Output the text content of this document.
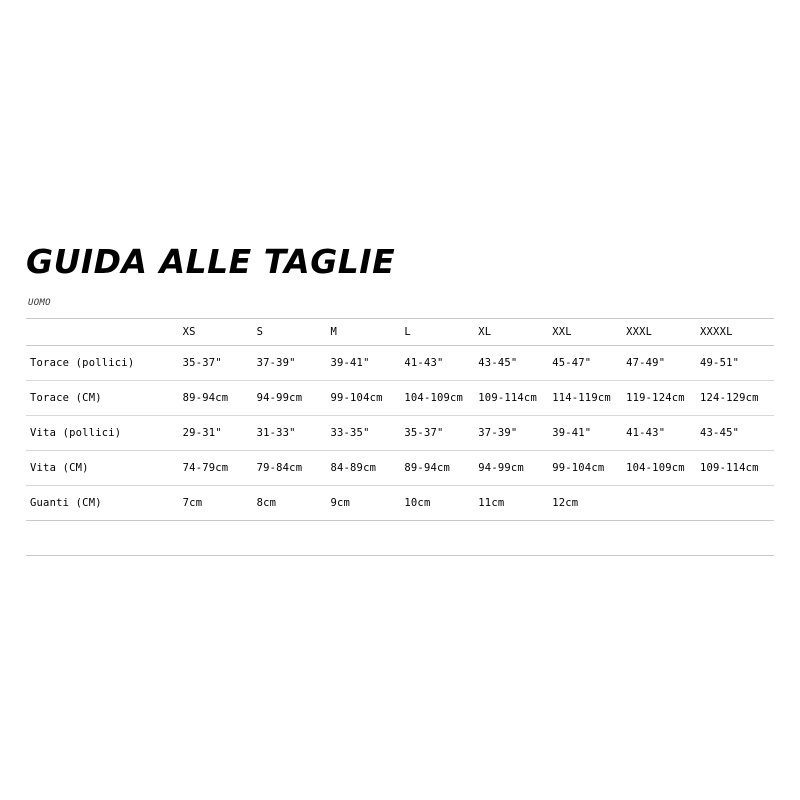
GUIDA ALLE TAGLIE
UOMO
	XS	S	M	L	XL	XXL	XXXL	XXXXL
Torace (pollici)	35-37"	37-39"	39-41"	41-43"	43-45"	45-47"	47-49"	49-51"
Torace (CM)	89-94cm	94-99cm	99-104cm	104-109cm	109-114cm	114-119cm	119-124cm	124-129cm
Vita (pollici)	29-31"	31-33"	33-35"	35-37"	37-39"	39-41"	41-43"	43-45"
Vita (CM)	74-79cm	79-84cm	84-89cm	89-94cm	94-99cm	99-104cm	104-109cm	109-114cm
Guanti (CM)	7cm	8cm	9cm	10cm	11cm	12cm		
